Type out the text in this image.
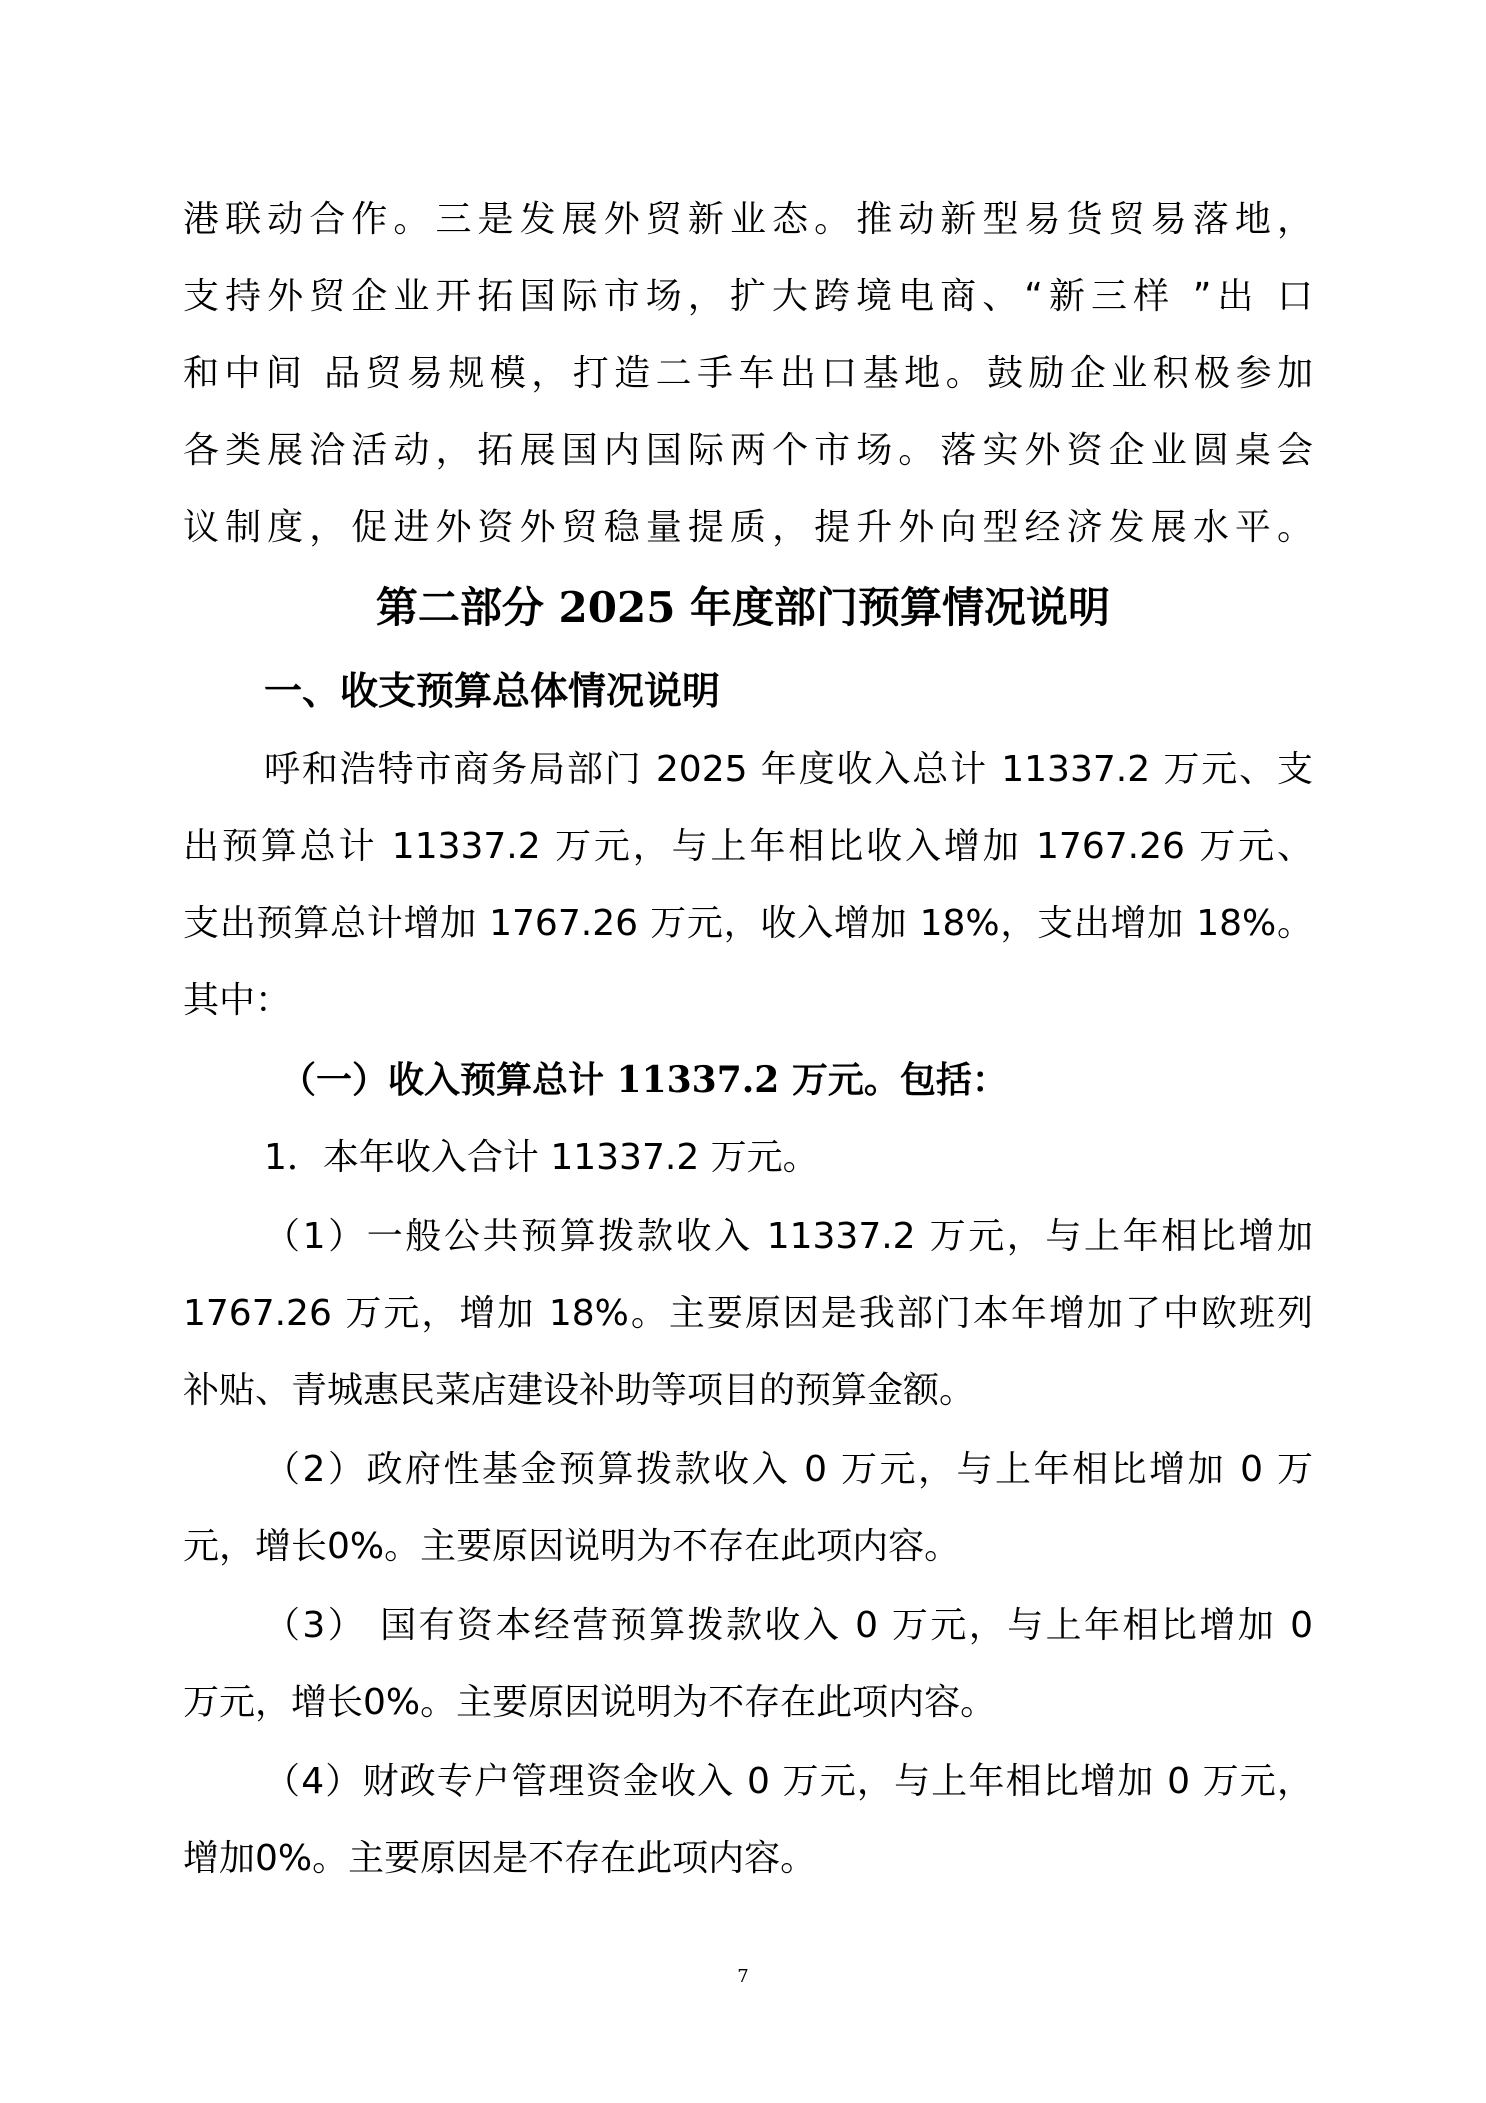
港联动合作。三是发展外贸新业态。推动新型易货贸易落地，
支持外贸企业开拓国际市场，扩大跨境电商、“新三样 ”出 口
和中间 品贸易规模，打造二手车出口基地。鼓励企业积极参加
各类展洽活动，拓展国内国际两个市场。落实外资企业圆桌会
议制度，促进外资外贸稳量提质，提升外向型经济发展水平。
第二部分 2025 年度部门预算情况说明
一、收支预算总体情况说明
呼和浩特市商务局部门 2025 年度收入总计 11337.2 万元、支
出预算总计 11337.2 万元，与上年相比收入增加 1767.26 万元、
支出预算总计增加 1767.26 万元，收入增加 18%，支出增加 18%。
其中：
（一）收入预算总计 11337.2 万元。包括：
1．本年收入合计 11337.2 万元。
（1）一般公共预算拨款收入 11337.2 万元，与上年相比增加
1767.26 万元，增加 18%。主要原因是我部门本年增加了中欧班列
补贴、青城惠民菜店建设补助等项目的预算金额。
（2）政府性基金预算拨款收入 0 万元，与上年相比增加 0 万
元，增长0%。主要原因说明为不存在此项内容。
（3） 国有资本经营预算拨款收入 0 万元，与上年相比增加 0
万元，增长0%。主要原因说明为不存在此项内容。
（4）财政专户管理资金收入 0 万元，与上年相比增加 0 万元，
增加0%。主要原因是不存在此项内容。
7
